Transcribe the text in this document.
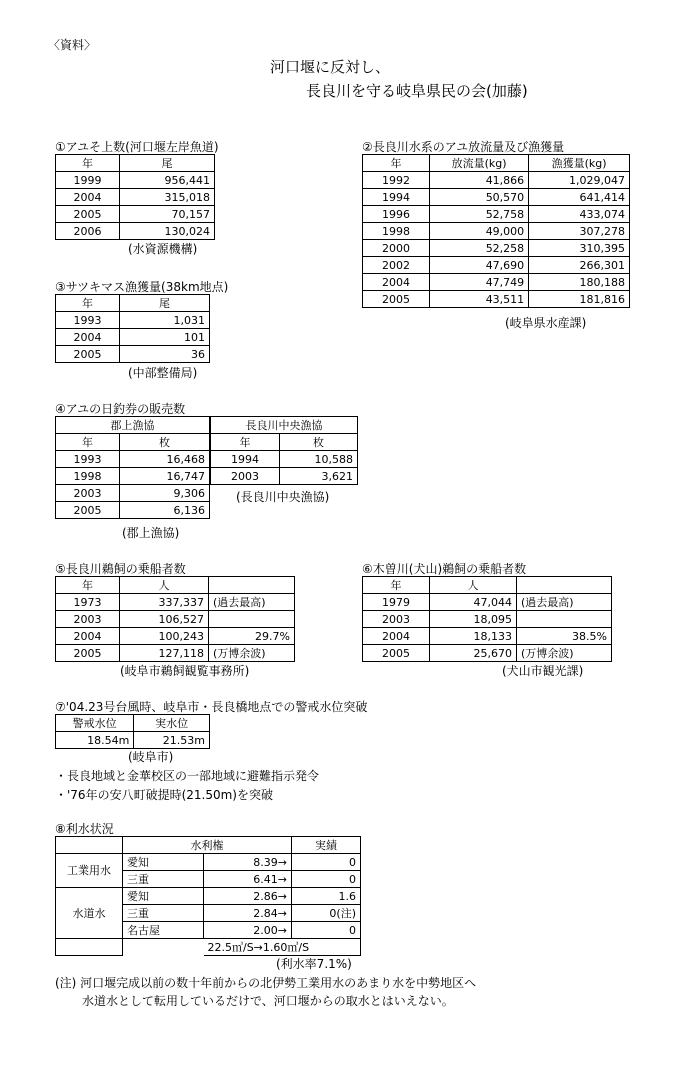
〈資料〉
河口堰に反対し、
長良川を守る岐阜県民の会(加藤)
①アユそ上数(河口堰左岸魚道)
年	尾
1999	956,441
2004	315,018
2005	70,157
2006	130,024
(水資源機構)
②長良川水系のアユ放流量及び漁獲量
年	放流量(kg)	漁獲量(kg)
1992	41,866	1,029,047
1994	50,570	641,414
1996	52,758	433,074
1998	49,000	307,278
2000	52,258	310,395
2002	47,690	266,301
2004	47,749	180,188
2005	43,511	181,816
(岐阜県水産課)
③サツキマス漁獲量(38km地点)
年	尾
1993	1,031
2004	101
2005	36
(中部整備局)
④アユの日釣券の販売数
郡上漁協	
年	枚
1993	16,468
1998	16,747
2003	9,306
2005	6,136
長良川中央漁協	
年	枚
1994	10,588
2003	3,621
(長良川中央漁協)
(郡上漁協)
⑤長良川鵜飼の乗船者数
年	人	
1973	337,337	(過去最高)
2003	106,527	
2004	100,243	29.7%
2005	127,118	(万博余波)
(岐阜市鵜飼観覧事務所)
⑥木曽川(犬山)鵜飼の乗船者数
年	人	
1979	47,044	(過去最高)
2003	18,095	
2004	18,133	38.5%
2005	25,670	(万博余波)
(犬山市観光課)
⑦'04.23号台風時、岐阜市・長良橋地点での警戒水位突破
警戒水位	実水位
18.54m	21.53m
(岐阜市)
・長良地域と金華校区の一部地域に避難指示発令
・'76年の安八町破提時(21.50m)を突破
⑧利水状況
	水利権		実績
工業用水	愛知	8.39→	0
	三重	6.41→	0
水道水	愛知	2.86→	1.6
	三重	2.84→	0(注)
	名古屋	2.00→	0
		22.5㎥/S→1.60㎥/S	
(利水率7.1%)
(注) 河口堰完成以前の数十年前からの北伊勢工業用水のあまり水を中勢地区へ
水道水として転用しているだけで、河口堰からの取水とはいえない。
